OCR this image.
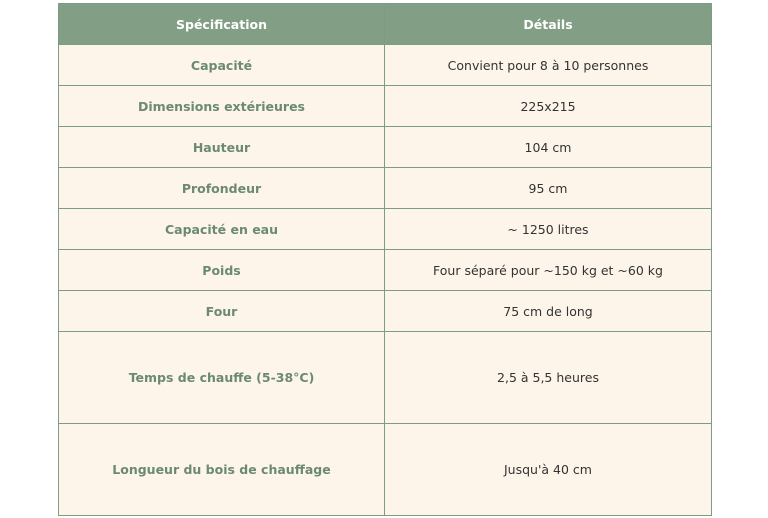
Spécification	Détails
Capacité	Convient pour 8 à 10 personnes
Dimensions extérieures	225x215
Hauteur	104 cm
Profondeur	95 cm
Capacité en eau	~ 1250 litres
Poids	Four séparé pour ~150 kg et ~60 kg
Four	75 cm de long
Temps de chauffe (5-38°C)	2,5 à 5,5 heures
Longueur du bois de chauffage	Jusqu'à 40 cm
